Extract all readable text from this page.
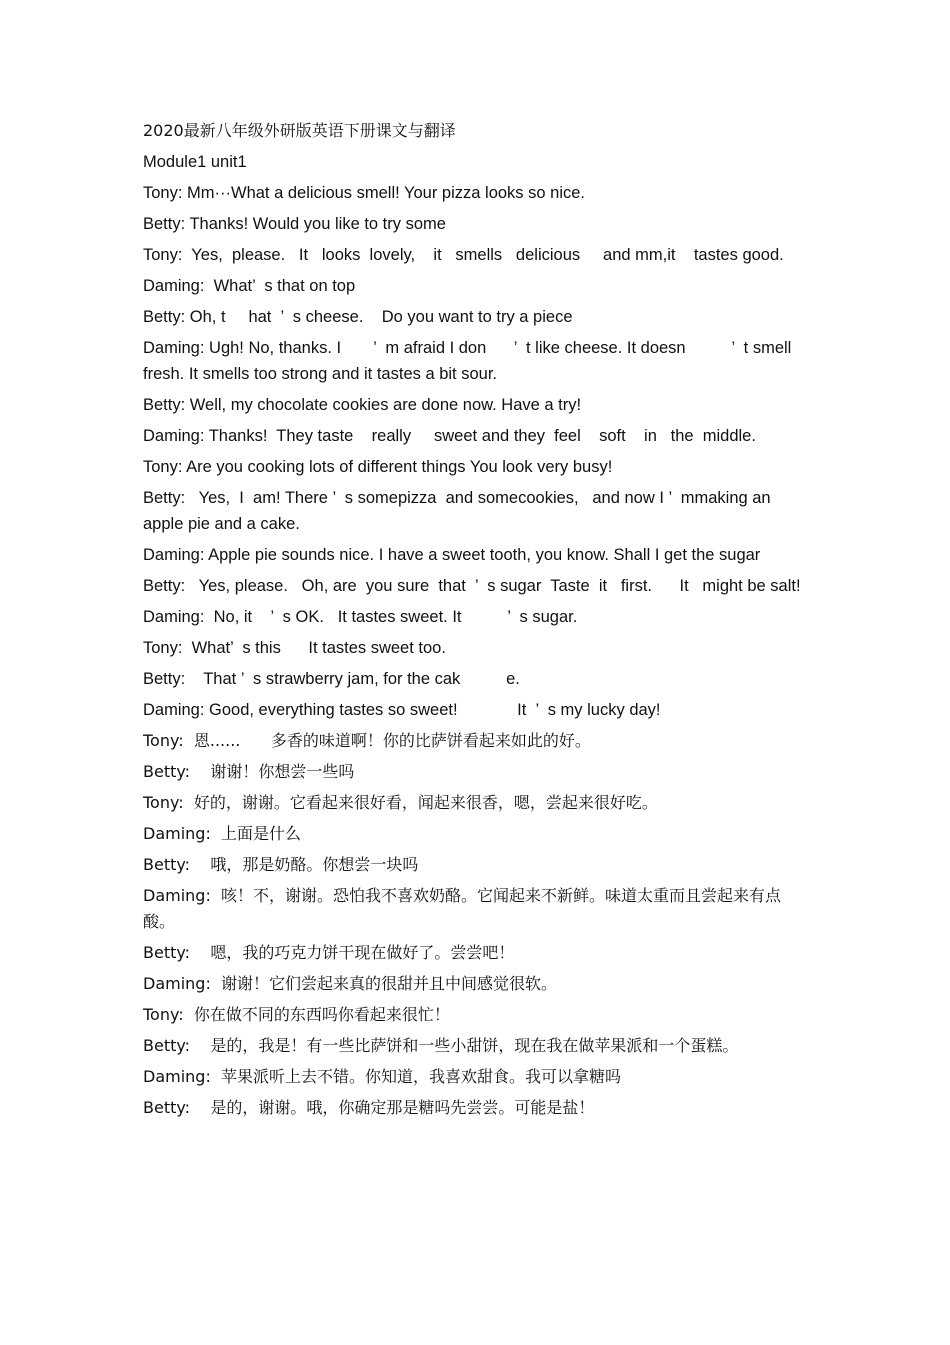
2020最新八年级外研版英语下册课文与翻译
Module1 unit1
Tony: Mm···What a delicious smell! Your pizza looks so nice.
Betty: Thanks! Would you like to try some
Tony:  Yes,  please.   It   looks  lovely,    it   smells   delicious     and mm,it    tastes good.
Daming:  What’  s that on top
Betty: Oh, t     hat  ’  s cheese.    Do you want to try a piece
Daming: Ugh! No, thanks. I       ’  m afraid I don      ’  t like cheese. It doesn          ’  t smell fresh. It smells too strong and it tastes a bit sour.
Betty: Well, my chocolate cookies are done now. Have a try!
Daming: Thanks!  They taste    really     sweet and they  feel    soft    in   the  middle.
Tony: Are you cooking lots of different things You look very busy!
Betty:   Yes,  I  am! There ’  s somepizza  and somecookies,   and now I ’  mmaking an apple pie and a cake.
Daming: Apple pie sounds nice. I have a sweet tooth, you know. Shall I get the sugar
Betty:   Yes, please.   Oh, are  you sure  that  ’  s sugar  Taste  it   first.      It   might be salt!
Daming:  No, it    ’  s OK.   It tastes sweet. It          ’  s sugar.
Tony:  What’  s this      It tastes sweet too.
Betty:    That ’  s strawberry jam, for the cak          e.
Daming: Good, everything tastes so sweet!             It  ’  s my lucky day!
Tony:  恩......      多香的味道啊！你的比萨饼看起来如此的好。
Betty:    谢谢！你想尝一些吗
Tony:  好的，谢谢。它看起来很好看，闻起来很香，嗯，尝起来很好吃。
Daming:  上面是什么
Betty:    哦，那是奶酪。你想尝一块吗
Daming:  咳！不，谢谢。恐怕我不喜欢奶酪。它闻起来不新鲜。味道太重而且尝起来有点酸。
Betty:    嗯，我的巧克力饼干现在做好了。尝尝吧！
Daming:  谢谢！它们尝起来真的很甜并且中间感觉很软。
Tony:  你在做不同的东西吗你看起来很忙！
Betty:    是的，我是！有一些比萨饼和一些小甜饼，现在我在做苹果派和一个蛋糕。
Daming:  苹果派听上去不错。你知道，我喜欢甜食。我可以拿糖吗
Betty:    是的，谢谢。哦，你确定那是糖吗先尝尝。可能是盐！
